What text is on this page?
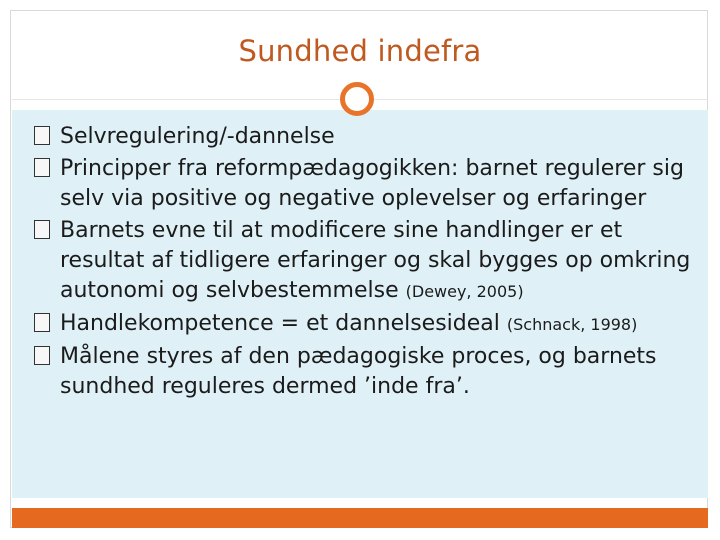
Sundhed indefra
Selvregulering/-dannelse
Principper fra reformpædagogikken: barnet regulerer sig selv via positive og negative oplevelser og erfaringer
Barnets evne til at modificere sine handlinger er et resultat af tidligere erfaringer og skal bygges op omkring autonomi og selvbestemmelse (Dewey, 2005)
Handlekompetence = et dannelsesideal (Schnack, 1998)
Målene styres af den pædagogiske proces, og barnets sundhed reguleres dermed ’inde fra’.
